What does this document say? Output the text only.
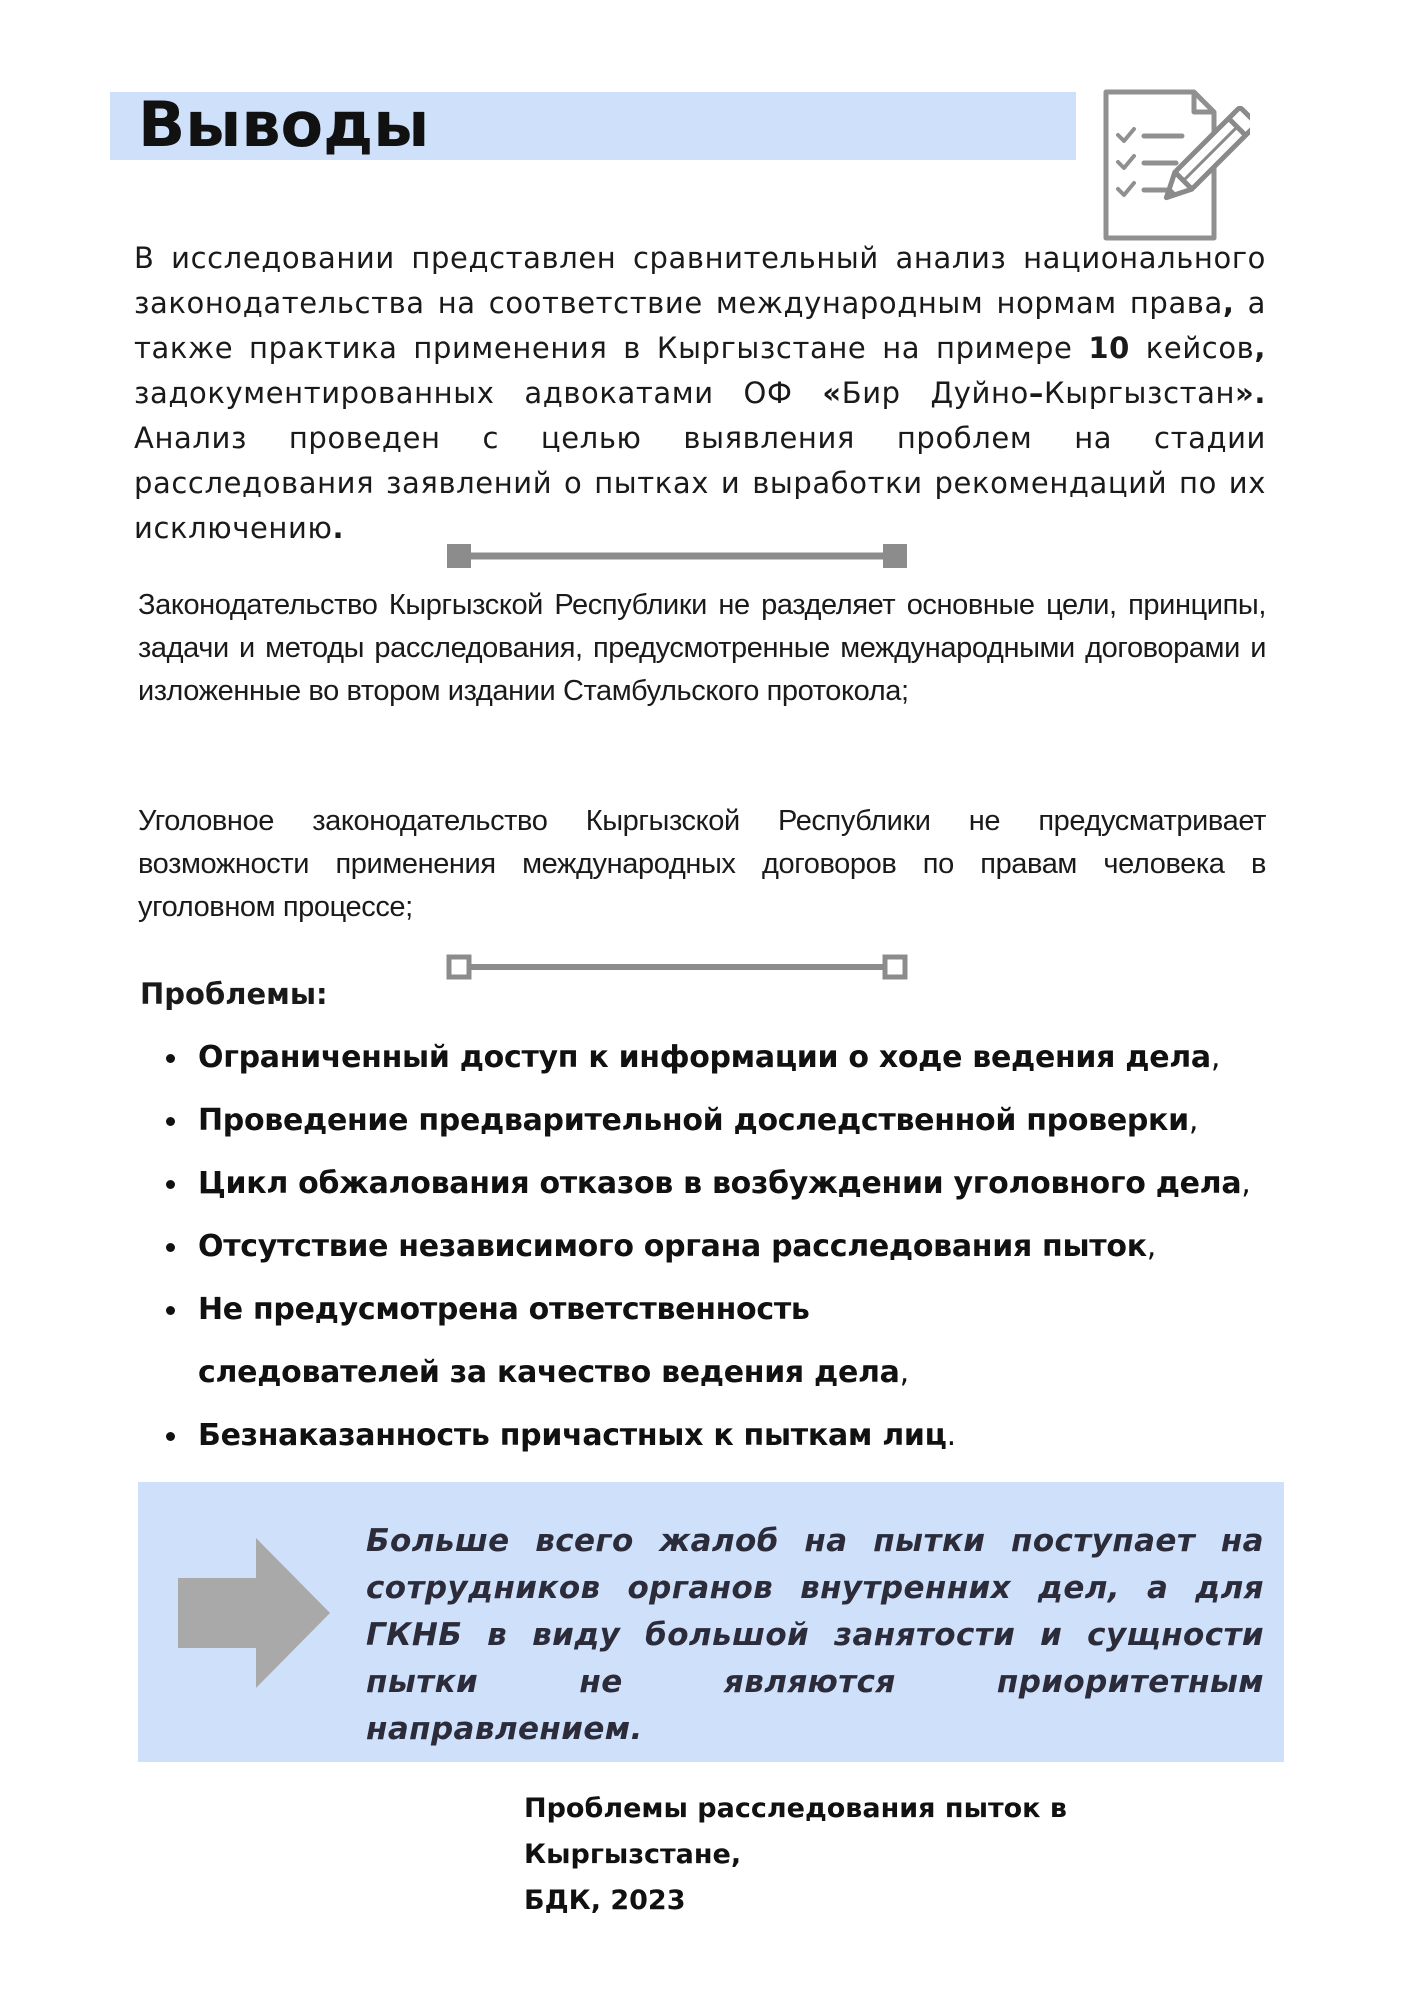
Выводы

В исследовании представлен сравнительный анализ национального законодательства на соответствие международным нормам права, а также практика применения в Кыргызстане на примере 10 кейсов, задокументированных адвокатами ОФ «Бир Дуйно–Кыргызстан». Анализ проведен с целью выявления проблем на стадии расследования заявлений о пытках и выработки рекомендаций по их исключению.

Законодательство Кыргызской Республики не разделяет основные цели, принципы, задачи и методы расследования, предусмотренные международными договорами и изложенные во втором издании Стамбульского протокола;

Уголовное законодательство Кыргызской Республики не предусматривает возможности применения международных договоров по правам человека в уголовном процессе;

Проблемы:
Ограниченный доступ к информации о ходе ведения дела,
Проведение предварительной доследственной проверки,
Цикл обжалования отказов в возбуждении уголовного дела,
Отсутствие независимого органа расследования пыток,
Не предусмотрена ответственность следователей за качество ведения дела,
Безнаказанность причастных к пыткам лиц.

Больше всего жалоб на пытки поступает на сотрудников органов внутренних дел, а для ГКНБ в виду большой занятости и сущности пытки не являются приоритетным направлением.

Проблемы расследования пыток в Кыргызстане,
БДК, 2023
